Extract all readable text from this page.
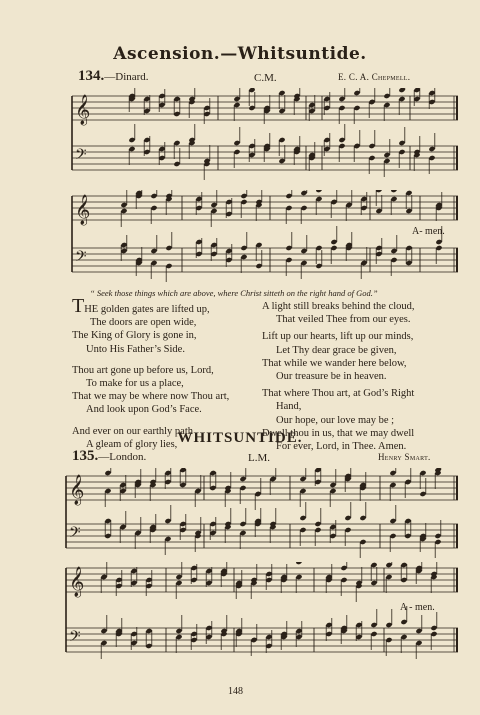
Ascension.—Whitsuntide.
134.—Dinard.	C.M.	E. C. A. Chepmell.
𝄞
𝄢
𝄞
𝄢
A- men.
“ Seek those things which are above, where Christ sitteth on the right hand of God.”
THE golden gates are lifted up,
The doors are open wide,
The King of Glory is gone in,
Unto His Father’s Side.
Thou art gone up before us, Lord,
To make for us a place,
That we may be where now Thou art,
And look upon God’s Face.
And ever on our earthly path
A gleam of glory lies,
A light still breaks behind the cloud,
That veiled Thee from our eyes.
Lift up our hearts, lift up our minds,
Let Thy dear grace be given,
That while we wander here below,
Our treasure be in heaven.
That where Thou art, at God’s Right
Hand,
Our hope, our love may be ;
Dwell thou in us, that we may dwell
For ever, Lord, in Thee. Amen.
WHITSUNTIDE.
135.—London.	L.M.	Henry Smart.
𝄞
𝄢
𝄞
𝄢
A - men.
148
